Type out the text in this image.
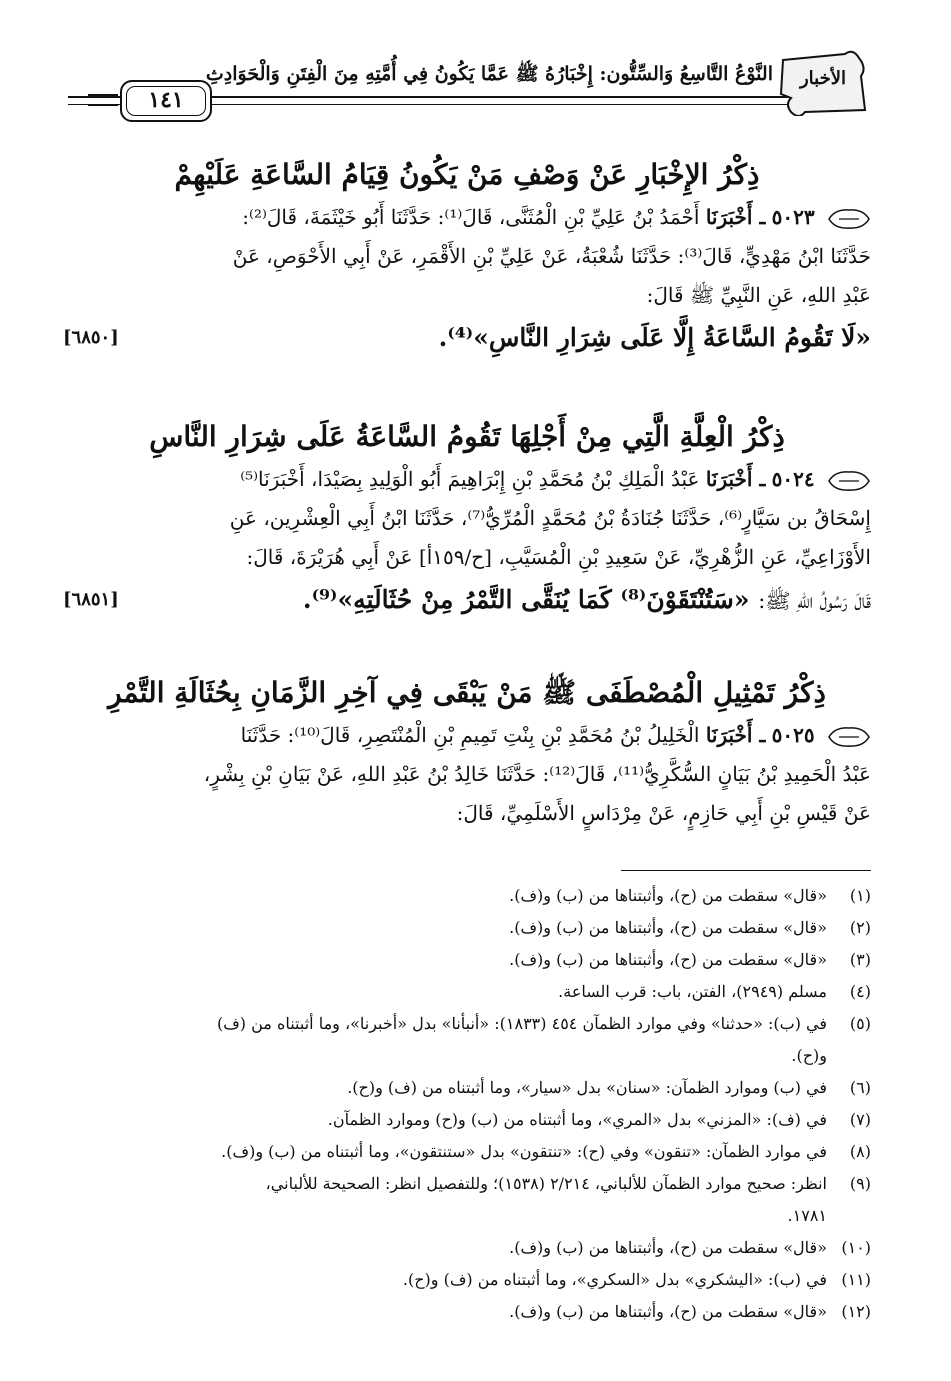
الأخبار
النَّوْعُ التَّاسِعُ وَالسِّتُّون: إِخْبَارُهُ ﷺ عَمَّا يَكُونُ فِي أُمَّتِهِ مِنَ الْفِتَنِ وَالْحَوَادِثِ
١٤١
ذِكْرُ الإِخْبَارِ عَنْ وَصْفِ مَنْ يَكُونُ قِيَامُ السَّاعَةِ عَلَيْهِمْ
٥٠٢٣ ـ أَخْبَرَنَا أَحْمَدُ بْنُ عَلِيِّ بْنِ الْمُثَنَّى، قَالَ⁽¹⁾: حَدَّثَنَا أَبُو خَيْثَمَةَ، قَالَ⁽²⁾:
حَدَّثَنَا ابْنُ مَهْدِيٍّ، قَالَ⁽³⁾: حَدَّثَنَا شُعْبَةُ، عَنْ عَلِيِّ بْنِ الأَقْمَرِ، عَنْ أَبِي الأَحْوَصِ، عَنْ
عَبْدِ اللهِ، عَنِ النَّبِيِّ ﷺ قَالَ:
«لَا تَقُومُ السَّاعَةُ إِلَّا عَلَى شِرَارِ النَّاسِ»⁽⁴⁾.
[٦٨٥٠]
ذِكْرُ الْعِلَّةِ الَّتِي مِنْ أَجْلِهَا تَقُومُ السَّاعَةُ عَلَى شِرَارِ النَّاسِ
٥٠٢٤ ـ أَخْبَرَنَا عَبْدُ الْمَلِكِ بْنُ مُحَمَّدِ بْنِ إِبْرَاهِيمَ أَبُو الْوَلِيدِ بِصَيْدَا، أَخْبَرَنَا⁽⁵⁾
إِسْحَاقُ بن سَيَّارٍ⁽⁶⁾، حَدَّثَنَا جُنَادَةُ بْنُ مُحَمَّدٍ الْمُرِّيُّ⁽⁷⁾، حَدَّثَنَا ابْنُ أَبِي الْعِشْرِين، عَنِ
الأَوْزَاعِيِّ، عَنِ الزُّهْرِيِّ، عَنْ سَعِيدِ بْنِ الْمُسَيَّبِ، [ح/١٥٩أ] عَنْ أَبِي هُرَيْرَةَ، قَالَ:
قَالَ رَسُولُ اللهِ ﷺ: «سَتُنْتَقَوْنَ⁽⁸⁾ كَمَا يُنَقَّى التَّمْرُ مِنْ حُثَالَتِهِ»⁽⁹⁾.
[٦٨٥١]
ذِكْرُ تَمْثِيلِ الْمُصْطَفَى ﷺ مَنْ يَبْقَى فِي آخِرِ الزَّمَانِ بِحُثَالَةِ التَّمْرِ
٥٠٢٥ ـ أَخْبَرَنَا الْخَلِيلُ بْنُ مُحَمَّدِ بْنِ بِنْتِ تَمِيمِ بْنِ الْمُنْتَصِرِ، قَالَ⁽¹⁰⁾: حَدَّثَنَا
عَبْدُ الْحَمِيدِ بْنُ بَيَانٍ السُّكَّرِيُّ⁽¹¹⁾، قَالَ⁽¹²⁾: حَدَّثَنَا خَالِدُ بْنُ عَبْدِ اللهِ، عَنْ بَيَانِ بْنِ بِشْرٍ،
عَنْ قَيْسِ بْنِ أَبِي حَازِمٍ، عَنْ مِرْدَاسٍ الأَسْلَمِيِّ، قَالَ:
(١)«قال» سقطت من (ح)، وأثبتناها من (ب) و(ف).
(٢)«قال» سقطت من (ح)، وأثبتناها من (ب) و(ف).
(٣)«قال» سقطت من (ح)، وأثبتناها من (ب) و(ف).
(٤)مسلم (٢٩٤٩)، الفتن، باب: قرب الساعة.
(٥)في (ب): «حدثنا» وفي موارد الظمآن ٤٥٤ (١٨٣٣): «أنبأنا» بدل «أخبرنا»، وما أثبتناه من (ف)
و(ح).
(٦)في (ب) وموارد الظمآن: «سنان» بدل «سيار»، وما أثبتناه من (ف) و(ح).
(٧)في (ف): «المزني» بدل «المري»، وما أثبتناه من (ب) و(ح) وموارد الظمآن.
(٨)في موارد الظمآن: «تنقون» وفي (ح): «تنتقون» بدل «ستنتقون»، وما أثبتناه من (ب) و(ف).
(٩)انظر: صحيح موارد الظمآن للألباني، ٢/٢١٤ (١٥٣٨)؛ وللتفصيل انظر: الصحيحة للألباني،
١٧٨١.
(١٠)«قال» سقطت من (ح)، وأثبتناها من (ب) و(ف).
(١١)في (ب): «اليشكري» بدل «السكري»، وما أثبتناه من (ف) و(ح).
(١٢)«قال» سقطت من (ح)، وأثبتناها من (ب) و(ف).
